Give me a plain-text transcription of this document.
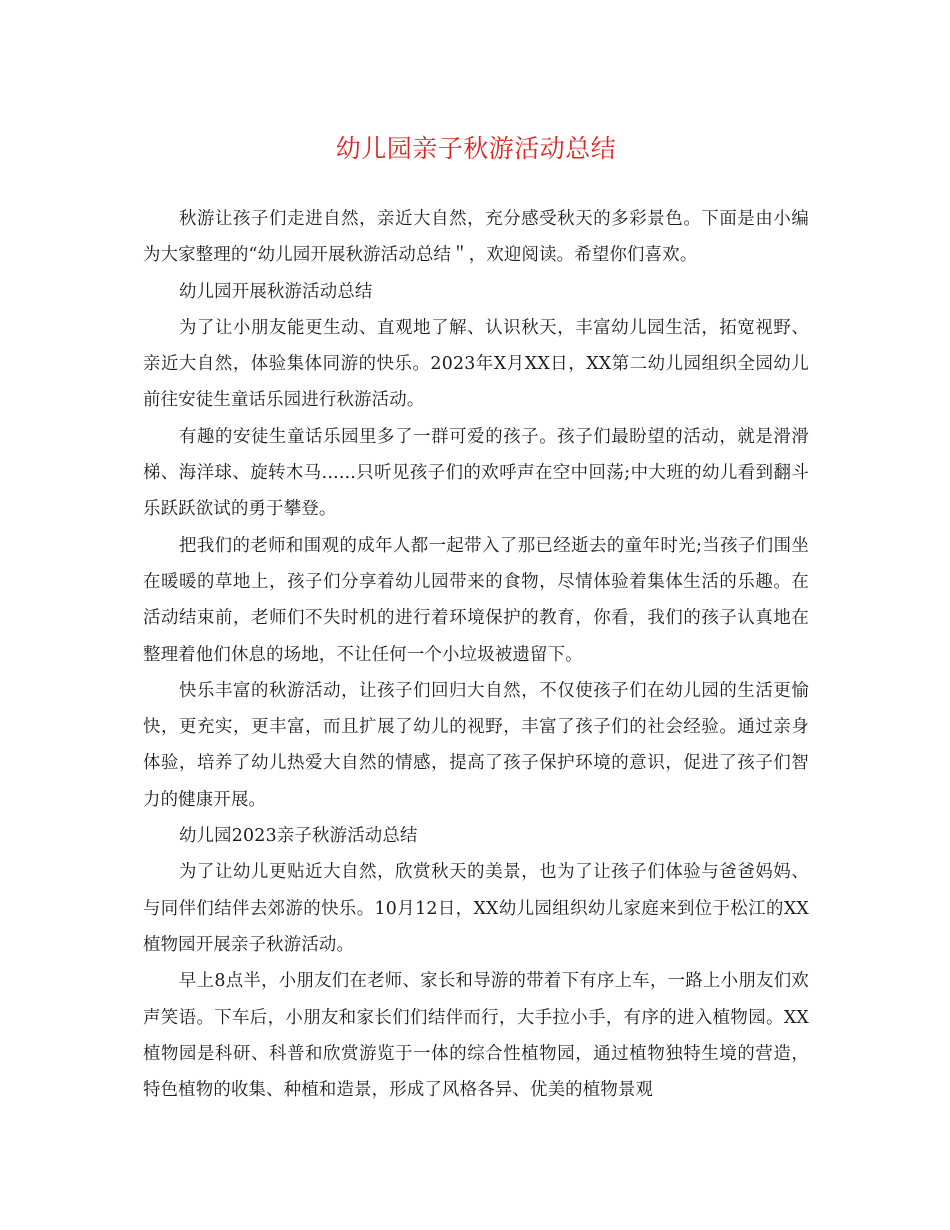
幼儿园亲子秋游活动总结

秋游让孩子们走进自然，亲近大自然，充分感受秋天的多彩景色。下面是由小编为大家整理的“幼儿园开展秋游活动总结＂，欢迎阅读。希望你们喜欢。

幼儿园开展秋游活动总结

为了让小朋友能更生动、直观地了解、认识秋天，丰富幼儿园生活，拓宽视野、亲近大自然，体验集体同游的快乐。2023年X月XX日，XX第二幼儿园组织全园幼儿前往安徒生童话乐园进行秋游活动。

有趣的安徒生童话乐园里多了一群可爱的孩子。孩子们最盼望的活动，就是滑滑梯、海洋球、旋转木马......只听见孩子们的欢呼声在空中回荡;中大班的幼儿看到翻斗乐跃跃欲试的勇于攀登。

把我们的老师和围观的成年人都一起带入了那已经逝去的童年时光;当孩子们围坐在暖暖的草地上，孩子们分享着幼儿园带来的食物，尽情体验着集体生活的乐趣。在活动结束前，老师们不失时机的进行着环境保护的教育，你看，我们的孩子认真地在整理着他们休息的场地，不让任何一个小垃圾被遗留下。

快乐丰富的秋游活动，让孩子们回归大自然，不仅使孩子们在幼儿园的生活更愉快，更充实，更丰富，而且扩展了幼儿的视野，丰富了孩子们的社会经验。通过亲身体验，培养了幼儿热爱大自然的情感，提高了孩子保护环境的意识，促进了孩子们智力的健康开展。

幼儿园2023亲子秋游活动总结

为了让幼儿更贴近大自然，欣赏秋天的美景，也为了让孩子们体验与爸爸妈妈、与同伴们结伴去郊游的快乐。10月12日，XX幼儿园组织幼儿家庭来到位于松江的XX植物园开展亲子秋游活动。

早上8点半，小朋友们在老师、家长和导游的带着下有序上车，一路上小朋友们欢声笑语。下车后，小朋友和家长们们结伴而行，大手拉小手，有序的进入植物园。XX植物园是科研、科普和欣赏游览于一体的综合性植物园，通过植物独特生境的营造，特色植物的收集、种植和造景，形成了风格各异、优美的植物景观
